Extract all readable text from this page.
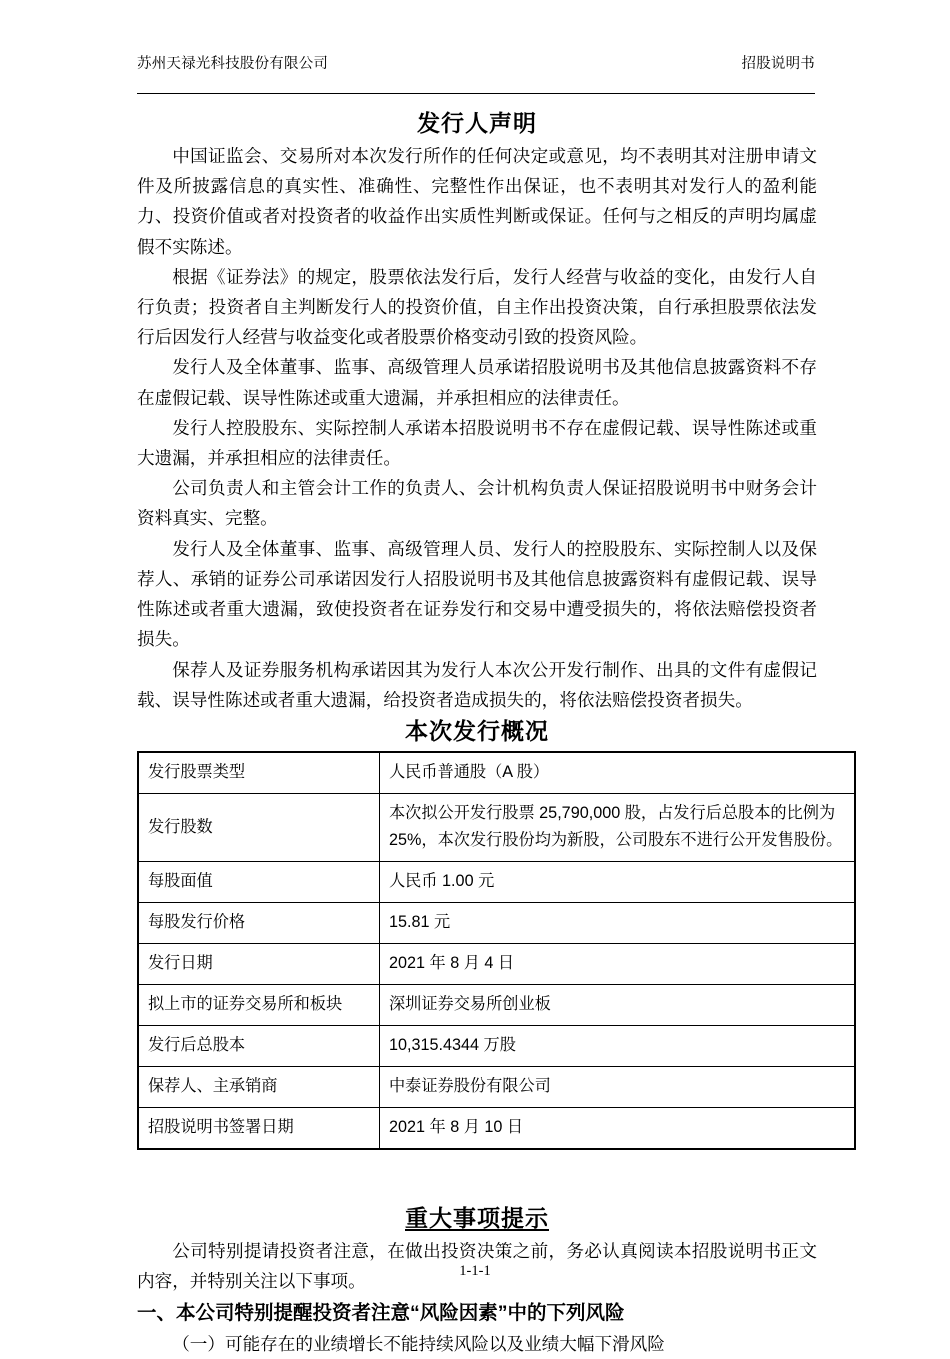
苏州天禄光科技股份有限公司	招股说明书
发行人声明

中国证监会、交易所对本次发行所作的任何决定或意见，均不表明其对注册申请文件及所披露信息的真实性、准确性、完整性作出保证，也不表明其对发行人的盈利能力、投资价值或者对投资者的收益作出实质性判断或保证。任何与之相反的声明均属虚假不实陈述。

根据《证券法》的规定，股票依法发行后，发行人经营与收益的变化，由发行人自行负责；投资者自主判断发行人的投资价值，自主作出投资决策，自行承担股票依法发行后因发行人经营与收益变化或者股票价格变动引致的投资风险。

发行人及全体董事、监事、高级管理人员承诺招股说明书及其他信息披露资料不存在虚假记载、误导性陈述或重大遗漏，并承担相应的法律责任。

发行人控股股东、实际控制人承诺本招股说明书不存在虚假记载、误导性陈述或重大遗漏，并承担相应的法律责任。

公司负责人和主管会计工作的负责人、会计机构负责人保证招股说明书中财务会计资料真实、完整。

发行人及全体董事、监事、高级管理人员、发行人的控股股东、实际控制人以及保荐人、承销的证券公司承诺因发行人招股说明书及其他信息披露资料有虚假记载、误导性陈述或者重大遗漏，致使投资者在证券发行和交易中遭受损失的，将依法赔偿投资者损失。

保荐人及证券服务机构承诺因其为发行人本次公开发行制作、出具的文件有虚假记载、误导性陈述或者重大遗漏，给投资者造成损失的，将依法赔偿投资者损失。

本次发行概况
发行股票类型	人民币普通股（A 股）
发行股数	本次拟公开发行股票 25,790,000 股，占发行后总股本的比例为 25%，本次发行股份均为新股，公司股东不进行公开发售股份。
每股面值	人民币 1.00 元
每股发行价格	15.81 元
发行日期	2021 年 8 月 4 日
拟上市的证券交易所和板块	深圳证券交易所创业板
发行后总股本	10,315.4344 万股
保荐人、主承销商	中泰证券股份有限公司
招股说明书签署日期	2021 年 8 月 10 日
重大事项提示

公司特别提请投资者注意，在做出投资决策之前，务必认真阅读本招股说明书正文内容，并特别关注以下事项。

一、本公司特别提醒投资者注意“风险因素”中的下列风险

（一）可能存在的业绩增长不能持续风险以及业绩大幅下滑风险

1-1-1
